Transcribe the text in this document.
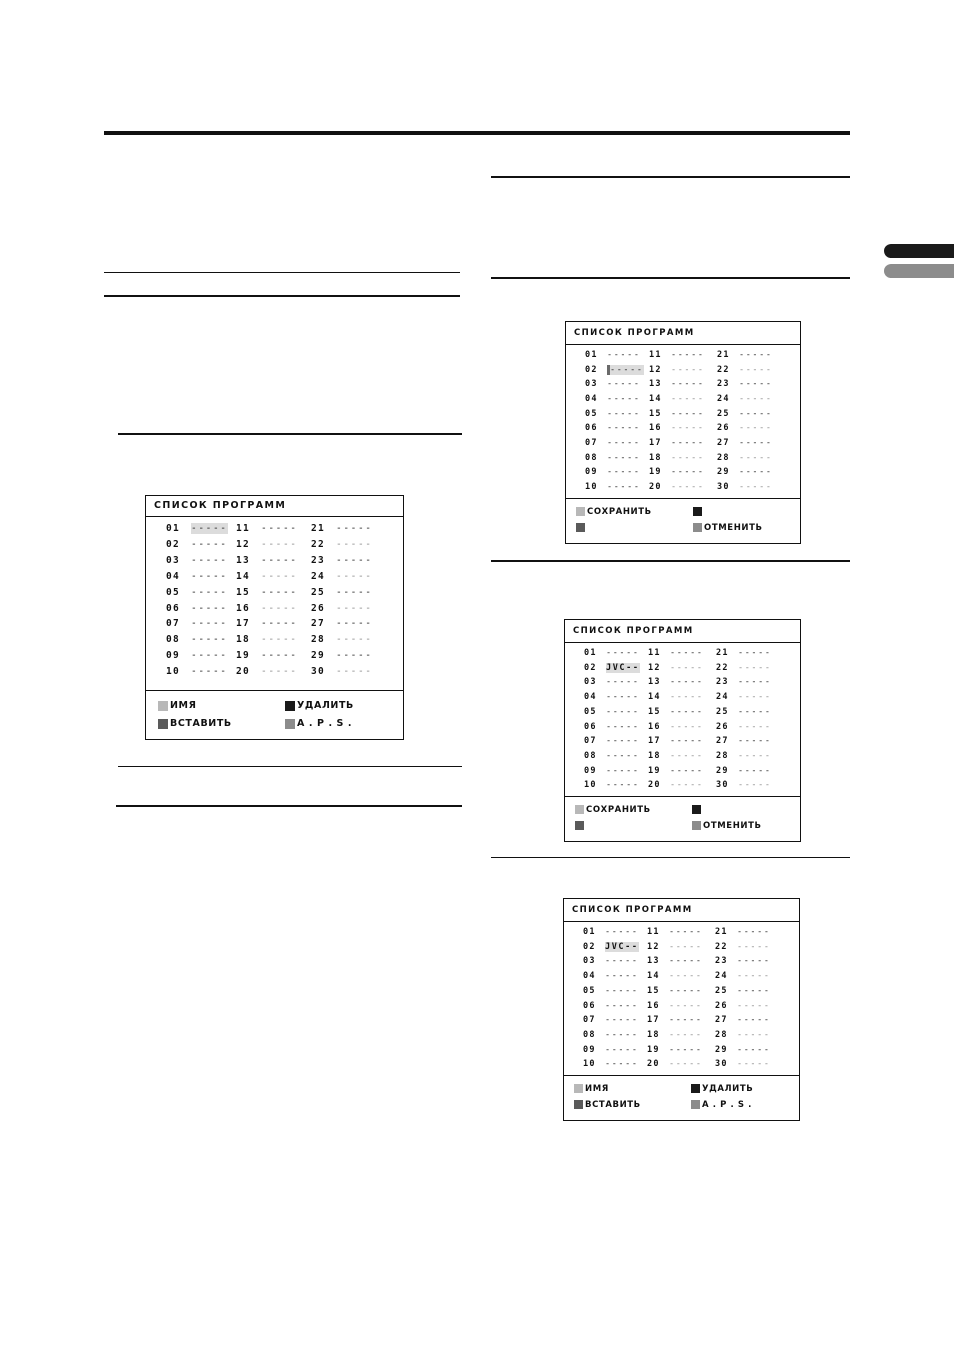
СПИСОК ПРОГРАММ
01 ----- 11 ----- 21 -----
02 ----- 12 ----- 22 -----
03 ----- 13 ----- 23 -----
04 ----- 14 ----- 24 -----
05 ----- 15 ----- 25 -----
06 ----- 16 ----- 26 -----
07 ----- 17 ----- 27 -----
08 ----- 18 ----- 28 -----
09 ----- 19 ----- 29 -----
10 ----- 20 ----- 30 -----
ИМЯ	УДАЛИТЬ
ВСТАВИТЬ	A . P . S .
СПИСОК ПРОГРАММ
01 ----- 11 ----- 21 -----
02	----- 12 ----- 22 -----
03 ----- 13 ----- 23 -----
04 ----- 14 ----- 24 -----
05 ----- 15 ----- 25 -----
06 ----- 16 ----- 26 -----
07 ----- 17 ----- 27 -----
08 ----- 18 ----- 28 -----
09 ----- 19 ----- 29 -----
10 ----- 20 ----- 30 -----
СОХРАНИТЬ
ОТМЕНИТЬ
СПИСОК ПРОГРАММ
01 ----- 11 ----- 21 -----
02 JVC-- 12 ----- 22 -----
03 ----- 13 ----- 23 -----
04 ----- 14 ----- 24 -----
05 ----- 15 ----- 25 -----
06 ----- 16 ----- 26 -----
07 ----- 17 ----- 27 -----
08 ----- 18 ----- 28 -----
09 ----- 19 ----- 29 -----
10 ----- 20 ----- 30 -----
СОХРАНИТЬ
ОТМЕНИТЬ
СПИСОК ПРОГРАММ
01 ----- 11 ----- 21 -----
02 JVC-- 12 ----- 22 -----
03 ----- 13 ----- 23 -----
04 ----- 14 ----- 24 -----
05 ----- 15 ----- 25 -----
06 ----- 16 ----- 26 -----
07 ----- 17 ----- 27 -----
08 ----- 18 ----- 28 -----
09 ----- 19 ----- 29 -----
10 ----- 20 ----- 30 -----
ИМЯ	УДАЛИТЬ
ВСТАВИТЬ	A . P . S .
